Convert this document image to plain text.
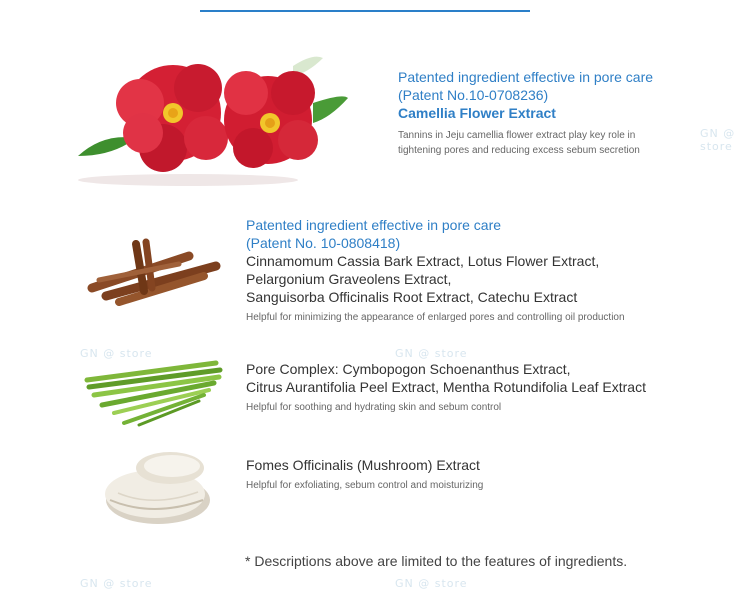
GN @ store	GN @ store
GN @ store	GN @ store
GN @ store
Patented ingredient effective in pore care
(Patent No.10-0708236)
Camellia Flower Extract
Tannins in Jeju camellia flower extract play key role in
tightening pores and reducing excess sebum secretion
Patented ingredient effective in pore care
(Patent No. 10-0808418)
Cinnamomum Cassia Bark Extract, Lotus Flower Extract,
Pelargonium Graveolens Extract,
Sanguisorba Officinalis Root Extract, Catechu Extract
Helpful for minimizing the appearance of enlarged pores and controlling oil production
Pore Complex: Cymbopogon Schoenanthus Extract,
Citrus Aurantifolia Peel Extract, Mentha Rotundifolia Leaf Extract
Helpful for soothing and hydrating skin and sebum control
Fomes Officinalis (Mushroom) Extract
Helpful for exfoliating, sebum control and moisturizing
* Descriptions above are limited to the features of ingredients.
